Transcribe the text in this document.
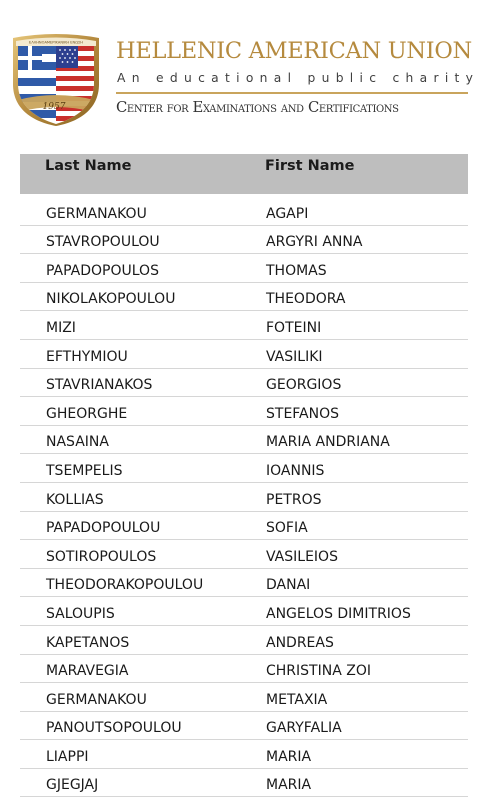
ΕΛΛΗΝΟΑΜΕΡΙΚΑΝΙΚΗ ΕΝΩΣΗ
1957
HELLENIC AMERICAN UNION
An educational public charity
Center for Examinations and Certifications
Last Name	First Name
GERMANAKOU	AGAPI
STAVROPOULOU	ARGYRI ANNA
PAPADOPOULOS	THOMAS
NIKOLAKOPOULOU	THEODORA
MIZI	FOTEINI
EFTHYMIOU	VASILIKI
STAVRIANAKOS	GEORGIOS
GHEORGHE	STEFANOS
NASAINA	MARIA ANDRIANA
TSEMPELIS	IOANNIS
KOLLIAS	PETROS
PAPADOPOULOU	SOFIA
SOTIROPOULOS	VASILEIOS
THEODORAKOPOULOU	DANAI
SALOUPIS	ANGELOS DIMITRIOS
KAPETANOS	ANDREAS
MARAVEGIA	CHRISTINA ZOI
GERMANAKOU	METAXIA
PANOUTSOPOULOU	GARYFALIA
LIAPPI	MARIA
GJEGJAJ	MARIA
